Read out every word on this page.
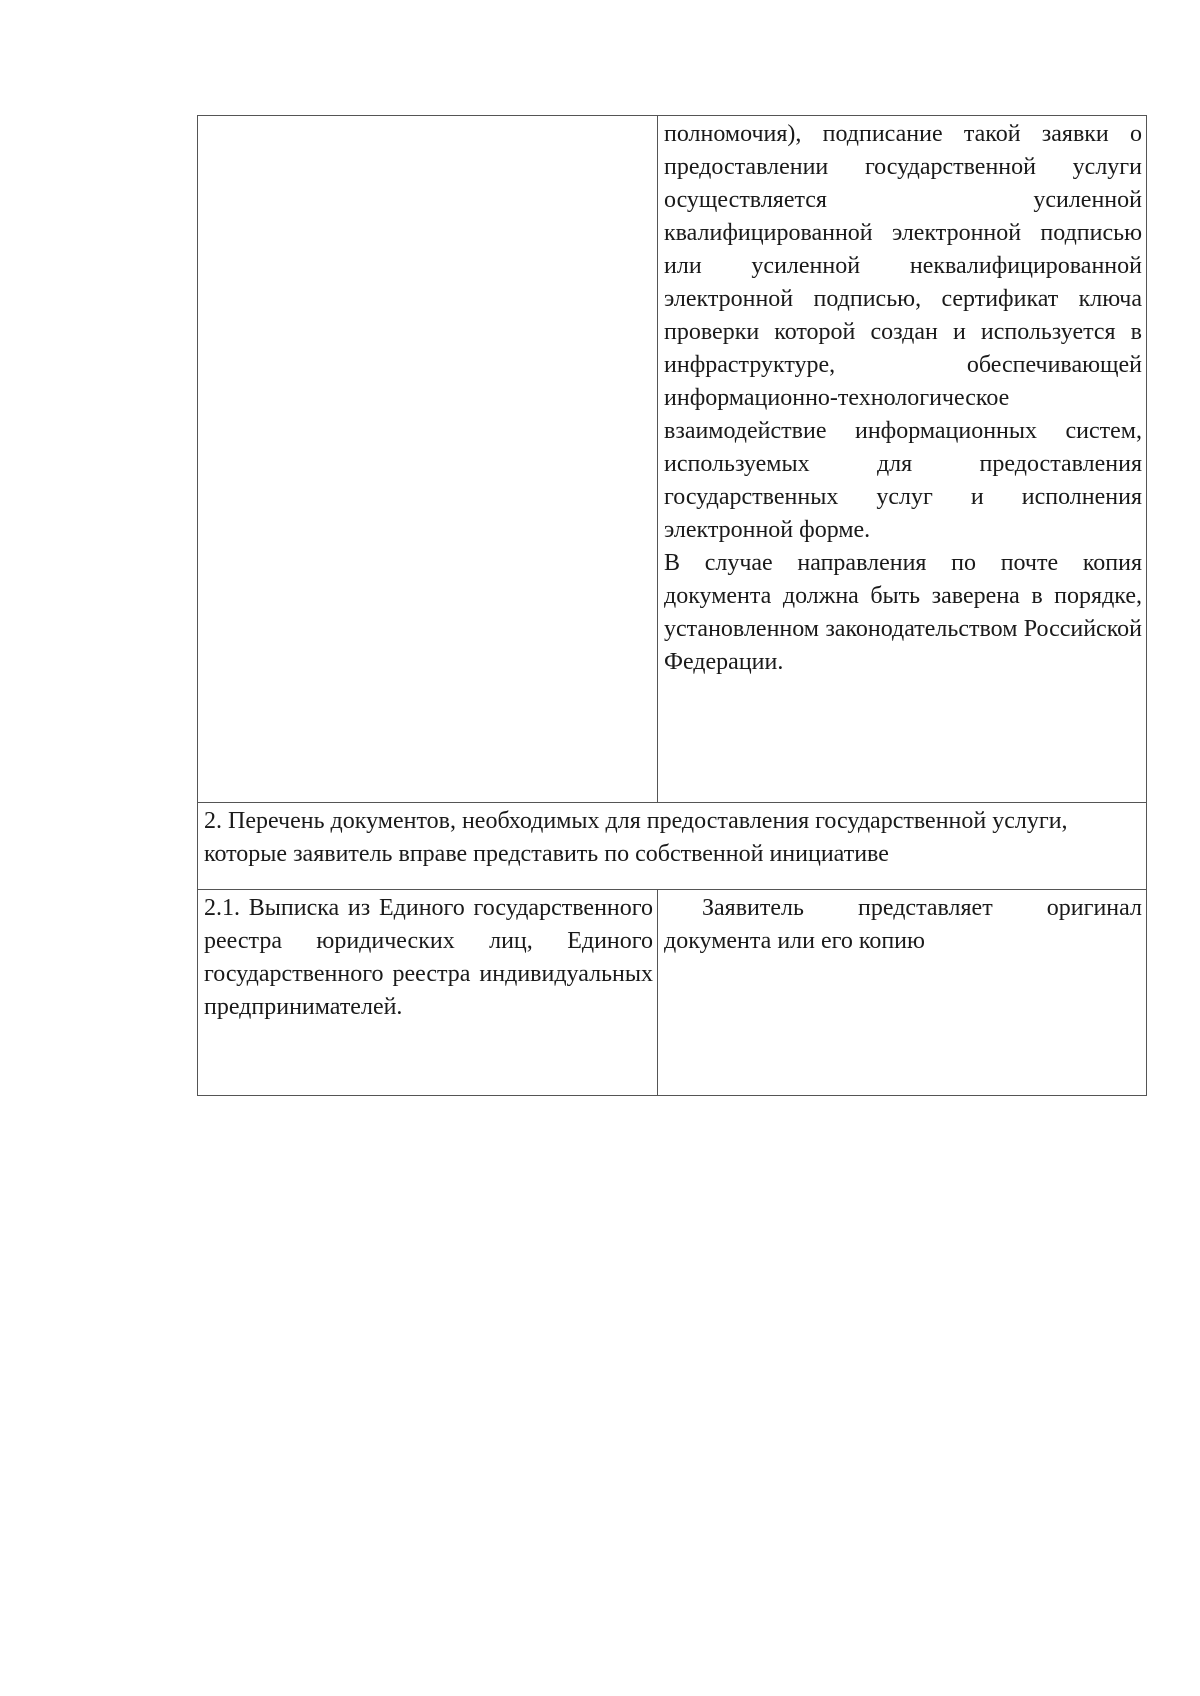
	полномочия), подписание такой заявки о предоставлении государственной услуги осуществляется усиленной квалифицированной электронной подписью или усиленной неквалифицированной электронной подписью, сертификат ключа проверки которой создан и используется в инфраструктуре, обеспечивающей информационно-технологическое взаимодействие информационных систем, используемых для предоставления государственных услуг и исполнения электронной форме.

В случае направления по почте копия документа должна быть заверена в порядке, установленном законодательством Российской Федерации.

2. Перечень документов, необходимых для предоставления государственной услуги, которые заявитель вправе представить по собственной инициативе	

2.1. Выписка из Единого государственного реестра юридических лиц, Единого государственного реестра индивидуальных предпринимателей.	Заявитель представляет оригинал документа или его копию
